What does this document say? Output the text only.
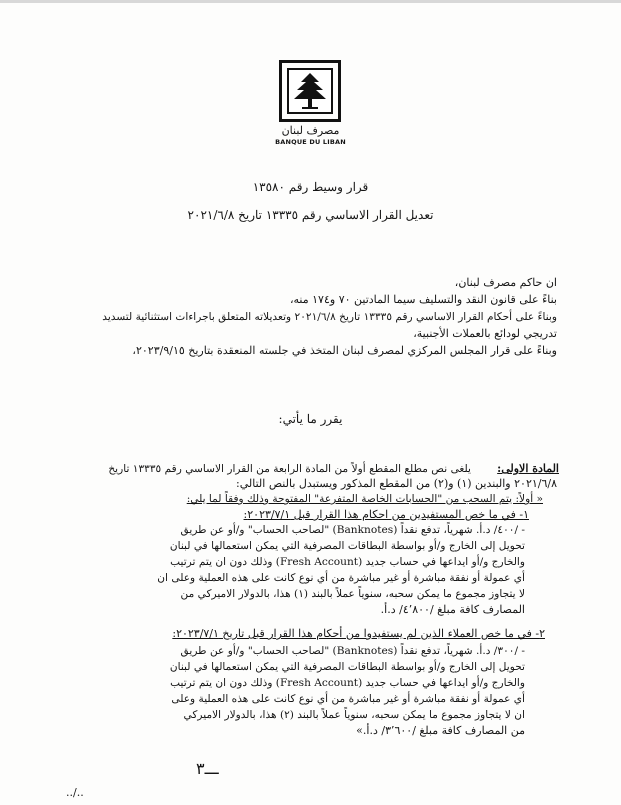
مصرف لبنان
BANQUE DU LIBAN
قرار وسيط رقم ١٣٥٨٠
تعديل القرار الاساسي رقم ١٣٣٣٥ تاريخ ٢٠٢١/٦/٨
ان حاكم مصرف لبنان،
بناءً على قانون النقد والتسليف سيما المادتين ٧٠ و١٧٤ منه،
وبناءً على أحكام القرار الاساسي رقم ١٣٣٣٥ تاريخ ٢٠٢١/٦/٨ وتعديلاته المتعلق باجراءات استثنائية لتسديد
تدريجي لودائع بالعملات الأجنبية،
وبناءً على قرار المجلس المركزي لمصرف لبنان المتخذ في جلسته المنعقدة بتاريخ ٢٠٢٣/٩/١٥،
يقرر ما يأتي:
المادة الاولى:
يلغى نص مطلع المقطع أولاً من المادة الرابعة من القرار الاساسي رقم ١٣٣٣٥ تاريخ
٢٠٢١/٦/٨ والبندين (١) و(٢) من المقطع المذكور ويستبدل بالنص التالي:
« أولاً: يتم السحب من "الحسابات الخاصة المتفرعة" المفتوحة وذلك وفقاً لما يلي:
١- في ما خص المستفيدين من احكام هذا القرار قبل ٢٠٢٣/٧/١:
- /٤٠٠/ د.أ. شهرياً، تدفع نقداً (Banknotes) "لصاحب الحساب" و/أو عن طريق
تحويل إلى الخارج و/أو بواسطة البطاقات المصرفية التي يمكن استعمالها في لبنان
والخارج و/أو ايداعها في حساب جديد (Fresh Account) وذلك دون ان يتم ترتيب
أي عمولة أو نفقة مباشرة أو غير مباشرة من أي نوع كانت على هذه العملية وعلى ان
لا يتجاوز مجموع ما يمكن سحبه، سنوياً عملاً بالبند (١) هذا، بالدولار الاميركي من
المصارف كافة مبلغ /٤٬٨٠٠/ د.أ.
٢- في ما خص العملاء الذين لم يستفيدوا من أحكام هذا القرار قبل تاريخ ٢٠٢٣/٧/١:
- /٣٠٠/ د.أ. شهرياً، تدفع نقداً (Banknotes) "لصاحب الحساب" و/أو عن طريق
تحويل إلى الخارج و/أو بواسطة البطاقات المصرفية التي يمكن استعمالها في لبنان
والخارج و/أو ايداعها في حساب جديد (Fresh Account) وذلك دون ان يتم ترتيب
أي عمولة أو نفقة مباشرة أو غير مباشرة من أي نوع كانت على هذه العملية وعلى
ان لا يتجاوز مجموع ما يمكن سحبه، سنوياً عملاً بالبند (٢) هذا، بالدولار الاميركي
من المصارف كافة مبلغ /٣٬٦٠٠/ د.أ.»
ـــ٣
../..
